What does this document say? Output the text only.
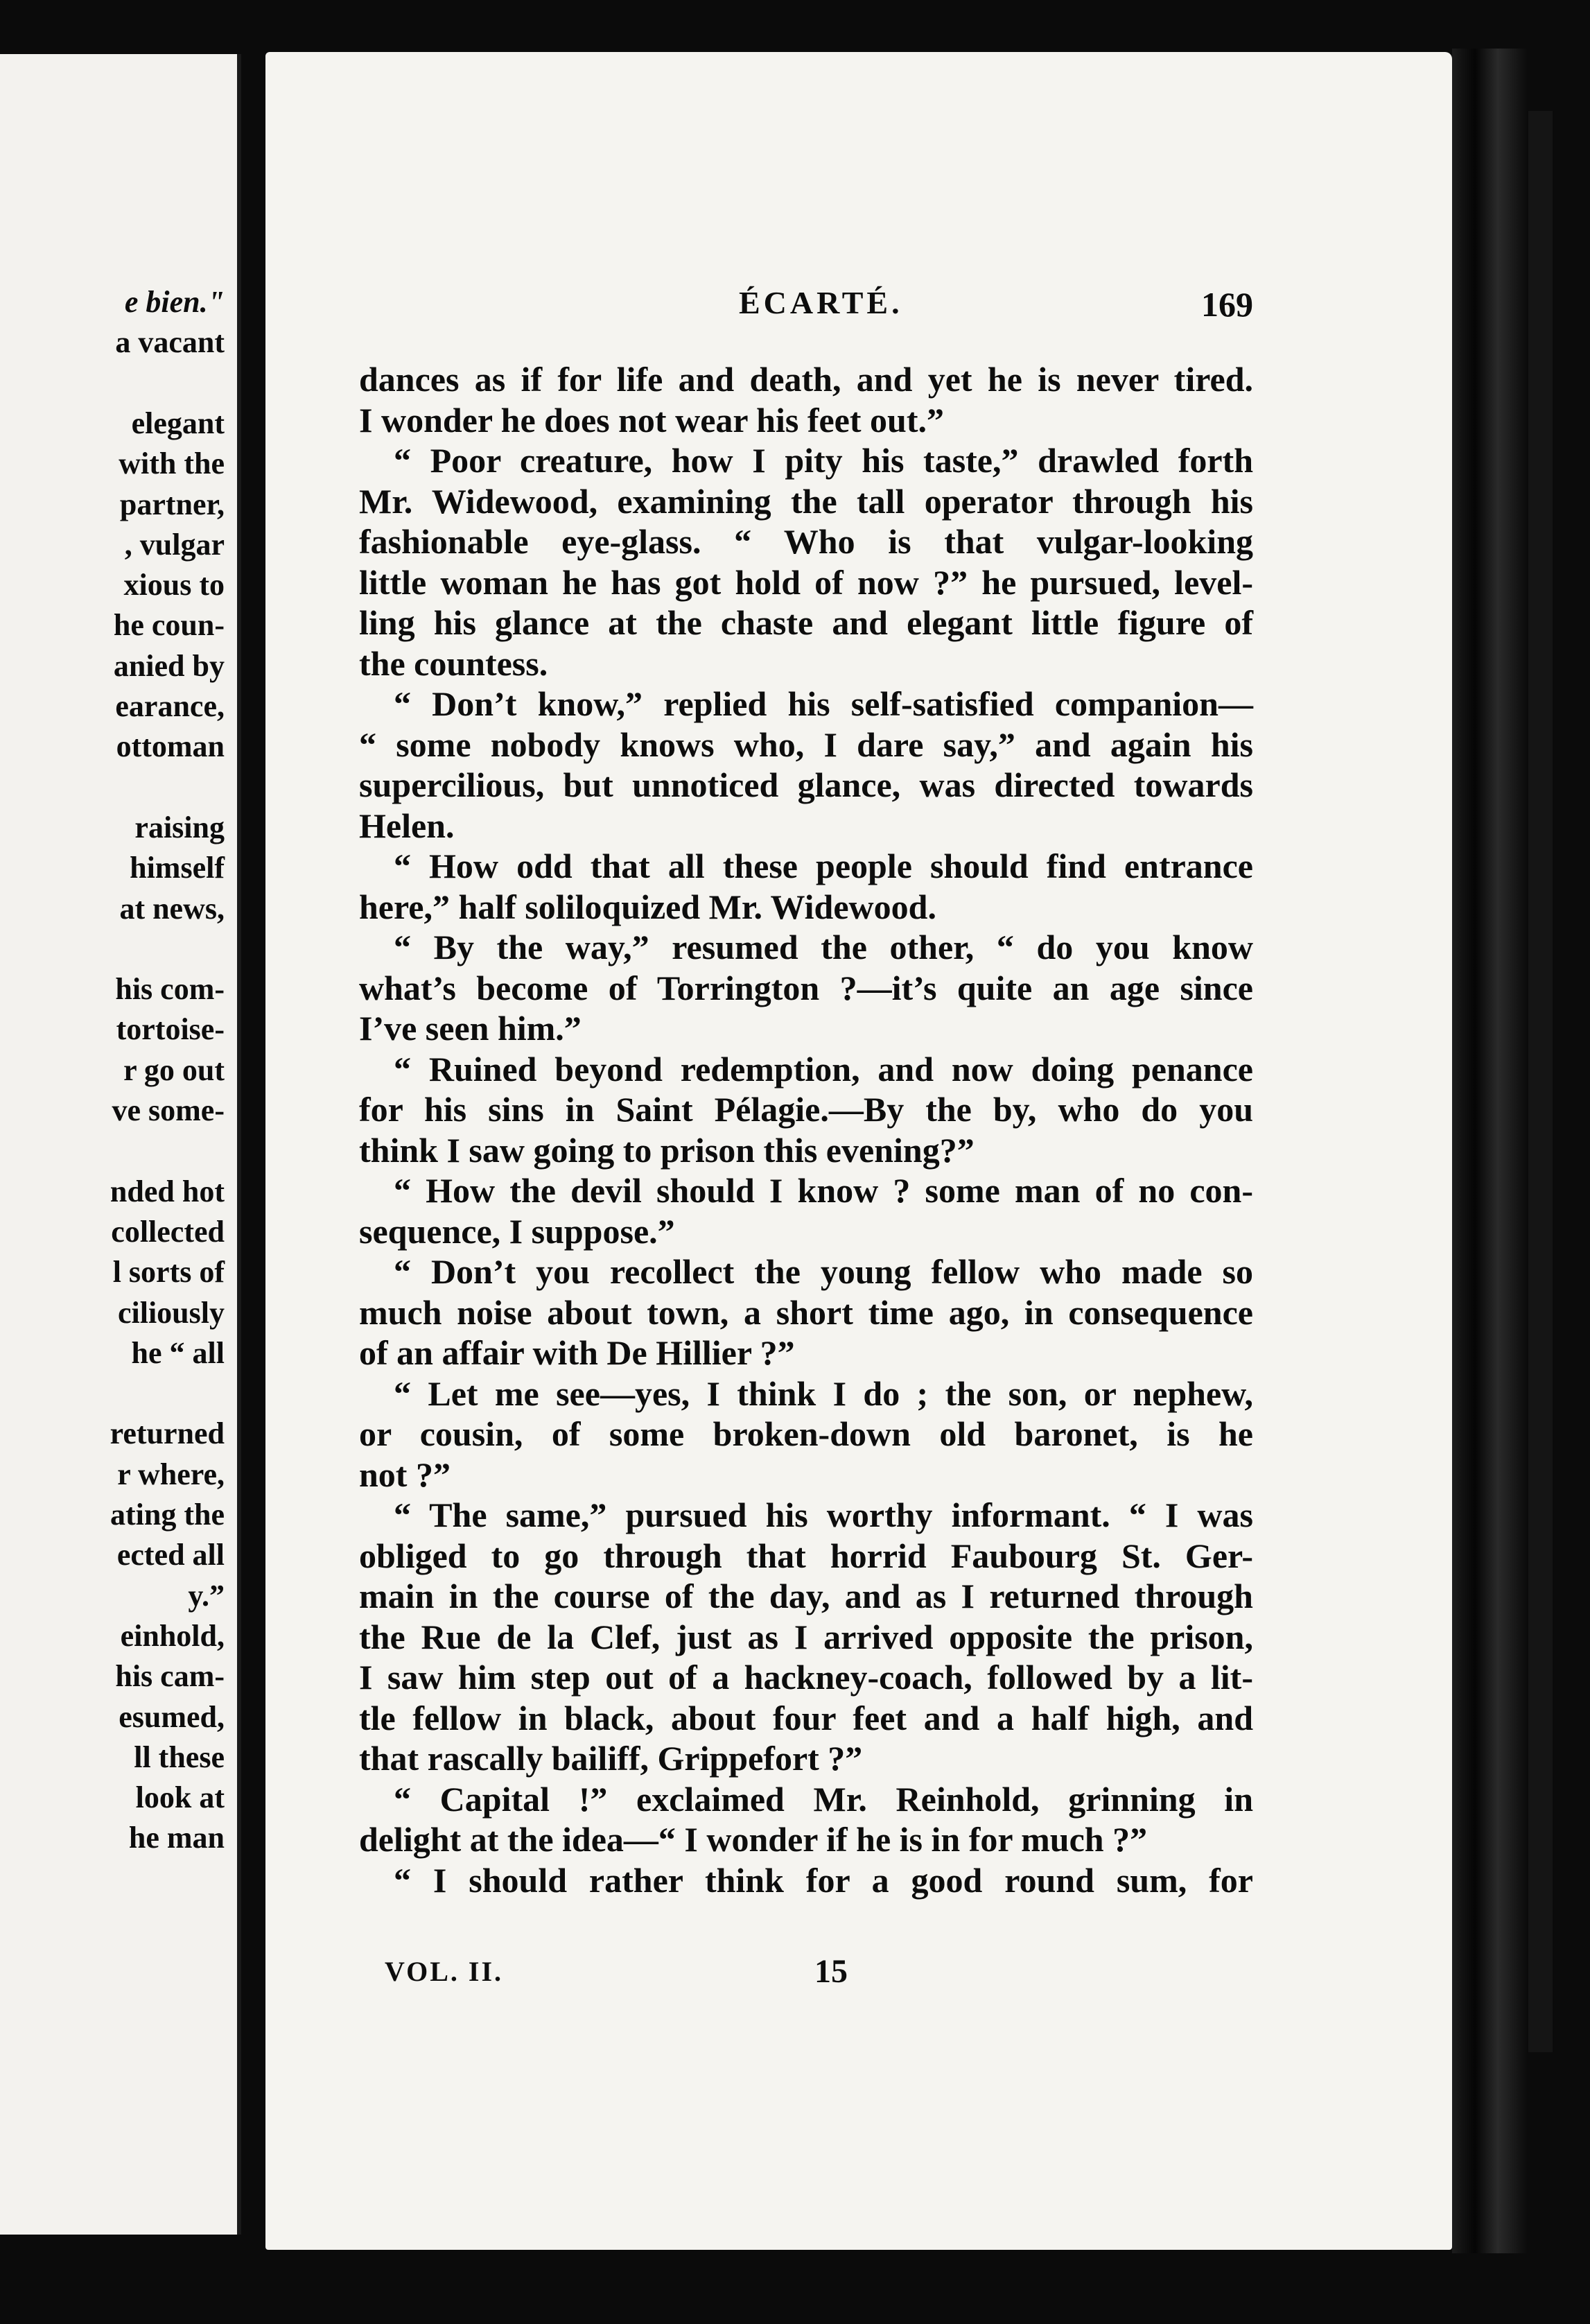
e bien."
a vacant
elegant
with the
partner,
, vulgar
xious to
he coun-
anied by
earance,
ottoman
raising
himself
at news,
his com-
tortoise-
r go out
ve some-
nded hot
collected
l sorts of
ciliously
he “ all
returned
r where,
ating the
ected all
y.”
einhold,
his cam-
esumed,
ll these
look at
he man
ÉCARTÉ.	169
dances as if for life and death, and yet he is never tired.
I wonder he does not wear his feet out.”
“ Poor creature, how I pity his taste,” drawled forth
Mr. Widewood, examining the tall operator through his
fashionable eye-glass. “ Who is that vulgar-looking
little woman he has got hold of now ?” he pursued, level-
ling his glance at the chaste and elegant little figure of
the countess.
“ Don’t know,” replied his self-satisfied companion—
“ some nobody knows who, I dare say,” and again his
supercilious, but unnoticed glance, was directed towards
Helen.
“ How odd that all these people should find entrance
here,” half soliloquized Mr. Widewood.
“ By the way,” resumed the other, “ do you know
what’s become of Torrington ?—it’s quite an age since
I’ve seen him.”
“ Ruined beyond redemption, and now doing penance
for his sins in Saint Pélagie.—By the by, who do you
think I saw going to prison this evening?”
“ How the devil should I know ? some man of no con-
sequence, I suppose.”
“ Don’t you recollect the young fellow who made so
much noise about town, a short time ago, in consequence
of an affair with De Hillier ?”
“ Let me see—yes, I think I do ; the son, or nephew,
or cousin, of some broken-down old baronet, is he
not ?”
“ The same,” pursued his worthy informant. “ I was
obliged to go through that horrid Faubourg St. Ger-
main in the course of the day, and as I returned through
the Rue de la Clef, just as I arrived opposite the prison,
I saw him step out of a hackney-coach, followed by a lit-
tle fellow in black, about four feet and a half high, and
that rascally bailiff, Grippefort ?”
“ Capital !” exclaimed Mr. Reinhold, grinning in
delight at the idea—“ I wonder if he is in for much ?”
“ I should rather think for a good round sum, for
VOL. II.	15
